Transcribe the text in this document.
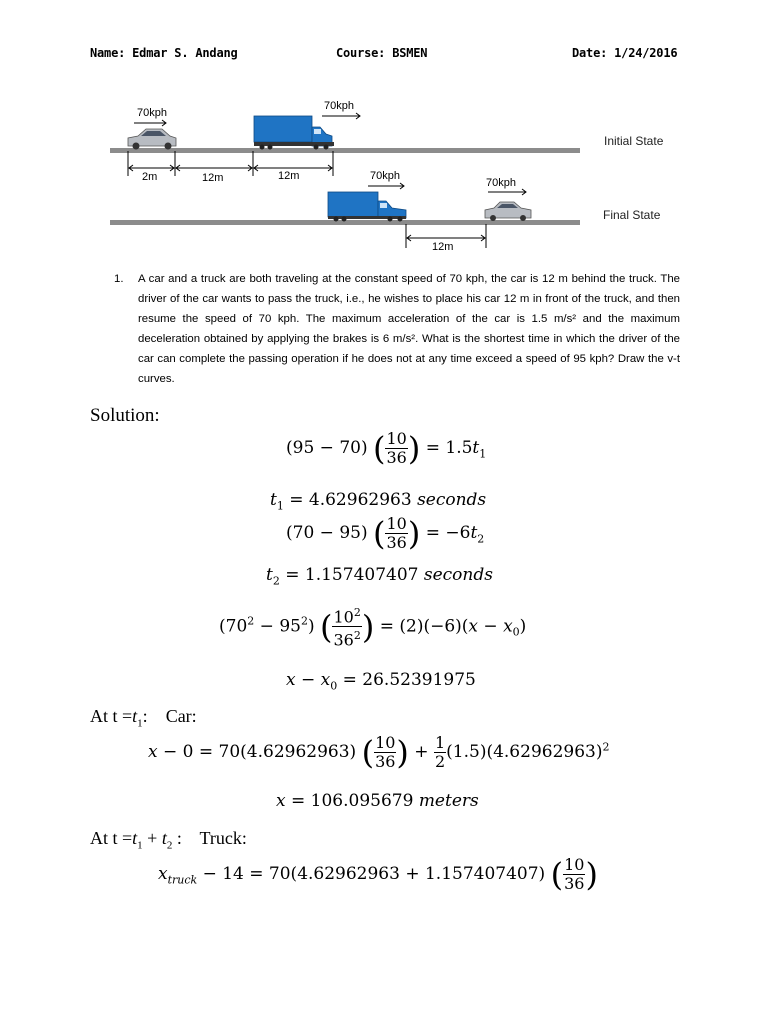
Name: Edmar S. Andang	Course: BSMEN	Date: 1/24/2016
70kph
70kph
70kph
70kph
2m	12m	12m
12m
Initial State
Final State
1. A car and a truck are both traveling at the constant speed of 70 kph, the car is 12 m behind the truck. The driver of the car wants to pass the truck, i.e., he wishes to place his car 12 m in front of the truck, and then resume the speed of 70 kph. The maximum acceleration of the car is 1.5 m/s² and the maximum deceleration obtained by applying the brakes is 6 m/s². What is the shortest time in which the driver of the car can complete the passing operation if he does not at any time exceed a speed of 95 kph? Draw the v-t curves.
Solution:
(95 − 70) ( $\frac{10}{36}$ ) = $1.5t_1$
$t_1 = 4.62962963$ seconds
(70 − 95) ( $\frac{10}{36}$ ) = $-6t_2$
$t_2 = 1.157407407$ seconds
$(70^2 - 95^2)$ ( $\frac{10^2}{36^2}$ ) = $(2)(-6)(x - x_0)$
$x - x_0 = 26.52391975$
At $t =t_1$:    Car:
x − 0 = 70(4.62962963) ( $\frac{10}{36}$ ) + $\frac{1}{2} (1.5)(4.62962963)^2$
x = 106.095679 meters
At $t =t_1 + t_2$ :    Truck:
$x_{truck} - 14 = 70(4.62962963 + 1.157407407)$ ( $\frac{10}{36}$ )
